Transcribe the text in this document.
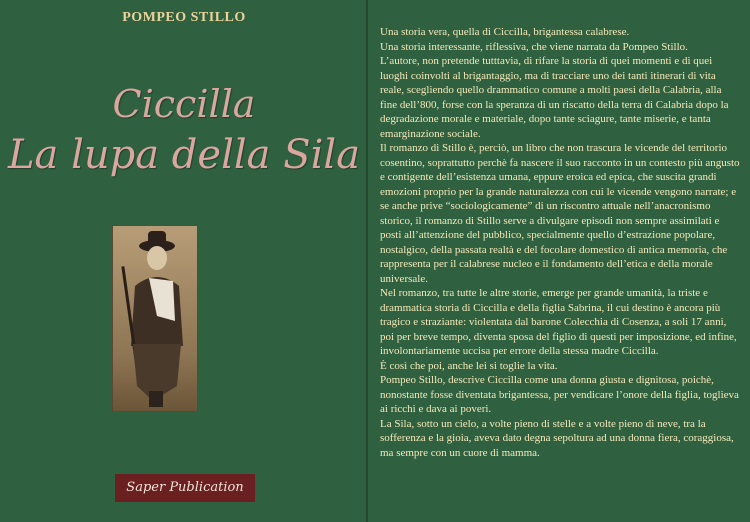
POMPEO STILLO
Ciccilla
La lupa della Sila
Saper Publication

Una storia vera, quella di Ciccilla, brigantessa calabrese.

Una storia interessante, riflessiva, che viene narrata da Pompeo Stillo.

L’autore, non pretende tutttavia, di rifare la storia di quei momenti e di quei luoghi coinvolti al brigantaggio, ma di tracciare uno dei tanti itinerari di vita reale, scegliendo quello drammatico comune a molti paesi della Calabria, alla fine dell’800, forse con la speranza di un riscatto della terra di Calabria dopo la degradazione morale e materiale, dopo tante sciagure, tante miserie, e tanta emarginazione sociale.

Il romanzo di Stillo è, perciò, un libro che non trascura le vicende del territorio cosentino, soprattutto perchè fa nascere il suo racconto in un contesto più angusto e contigente dell’esistenza umana, eppure eroica ed epica, che suscita grandi emozioni proprio per la grande naturalezza con cui le vicende vengono narrate; e se anche prive “sociologicamente” di un riscontro attuale nell’anacronismo storico, il romanzo di Stillo serve a divulgare episodi non sempre assimilati e posti all’attenzione del pubblico, specialmente quello d’estrazione popolare, nostalgico, della passata realtà e del focolare domestico di antica memoria, che rappresenta per il calabrese nucleo e il fondamento dell’etica e della morale universale.

Nel romanzo, tra tutte le altre storie, emerge per grande umanità, la triste e drammatica storia di Ciccilla e della figlia Sabrina, il cui destino è ancora più tragico e straziante: violentata dal barone Colecchia di Cosenza, a soli 17 anni, poi per breve tempo, diventa sposa del figlio di questi per imposizione, ed infine, involontariamente uccisa per errore della stessa madre Ciccilla.

È così che poi, anche lei si toglie la vita.

Pompeo Stillo, descrive Ciccilla come una donna giusta e dignitosa, poichè, nonostante fosse diventata brigantessa, per vendicare l’onore della figlia, toglieva ai ricchi e dava ai poveri.

La Sila, sotto un cielo, a volte pieno di stelle e a volte pieno di neve, tra la sofferenza e la gioia, aveva dato degna sepoltura ad una donna fiera, coraggiosa, ma sempre con un cuore di mamma.
